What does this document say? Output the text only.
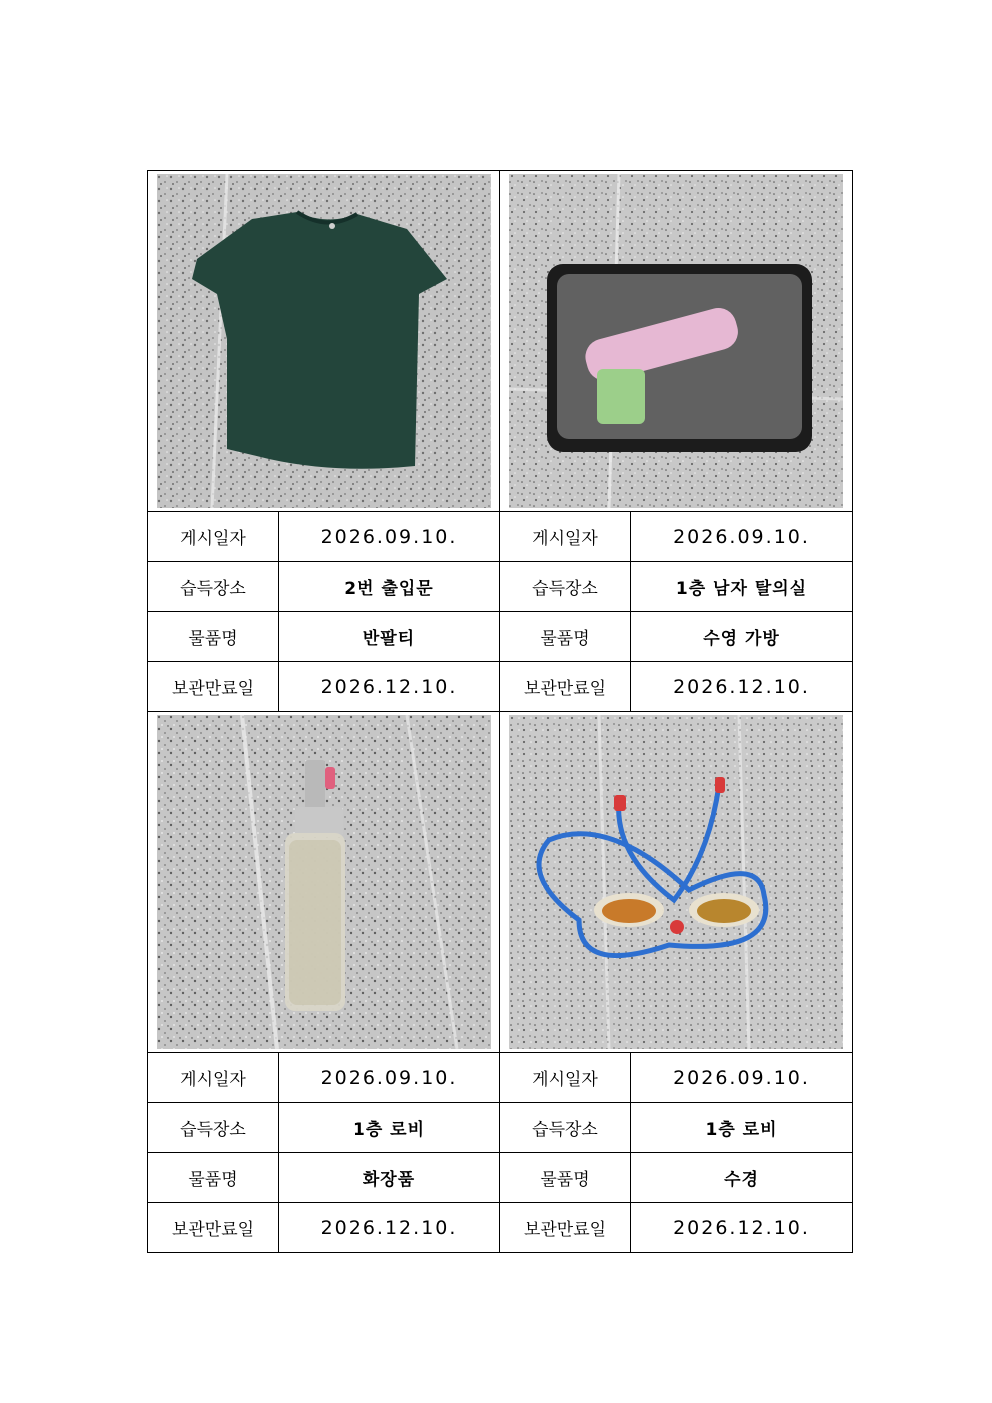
게시일자	2026.09.10.	게시일자	2026.09.10.
습득장소	2번 출입문	습득장소	1층 남자 탈의실
물품명	반팔티	물품명	수영 가방
보관만료일	2026.12.10.	보관만료일	2026.12.10.

게시일자	2026.09.10.	게시일자	2026.09.10.
습득장소	1층 로비	습득장소	1층 로비
물품명	화장품	물품명	수경
보관만료일	2026.12.10.	보관만료일	2026.12.10.
